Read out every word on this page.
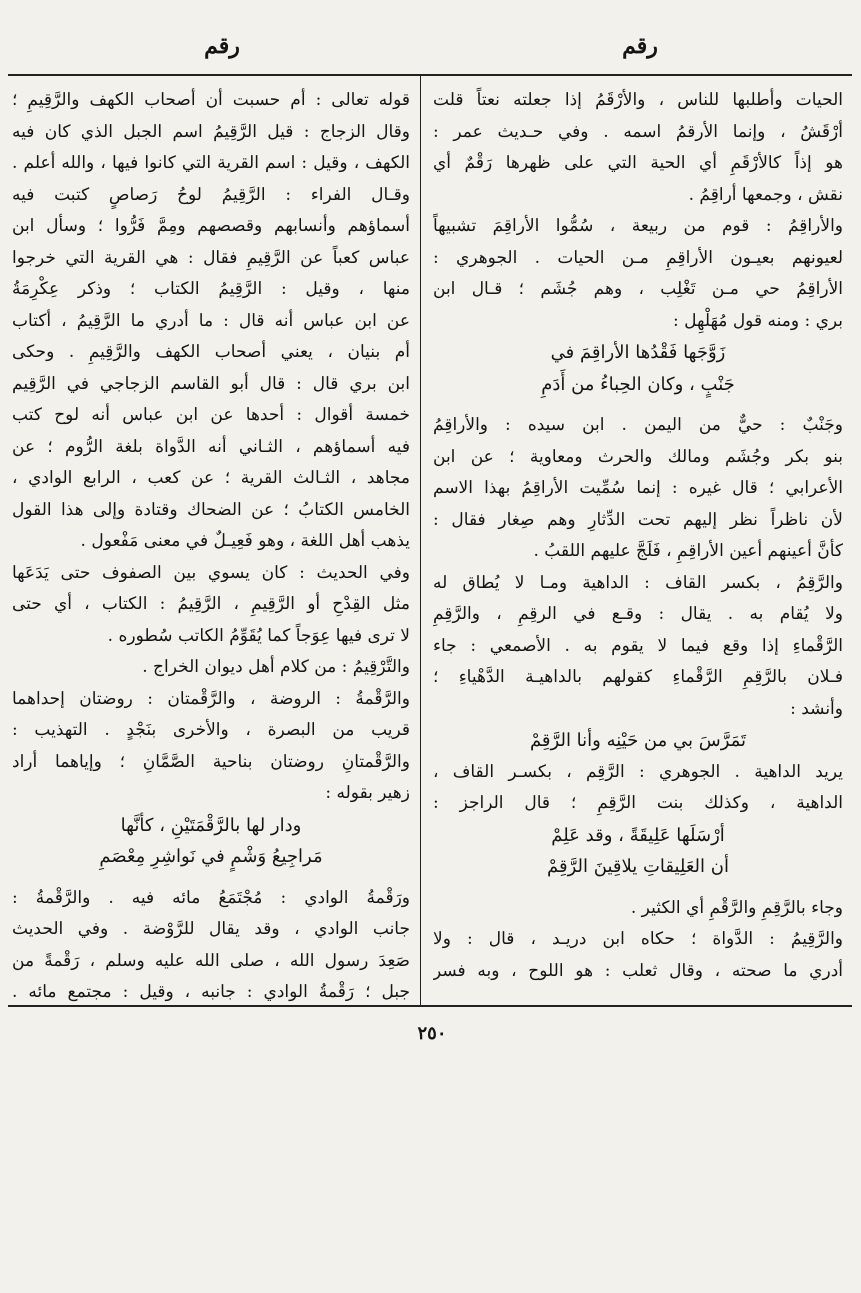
رقم
رقم
الحيات وأطلبها للناس ، والأرْقَمُ إذا جعلته نعتاً قلت
أرْقَشُ ، وإنما الأرقمُ اسمه . وفي حـديث عمر :
هو إذاً كالأرْقَمِ أي الحية التي على ظهرها رَقْمٌ أي
نقش ، وجمعها أراقِمُ .
والأراقِمُ : قوم من ربيعة ، سُمُّوا الأراقِمَ تشبيهاً
لعيونهم بعيـون الأراقِمِ مـن الحيات . الجوهري :
الأراقِمُ حي مـن تَغْلِب ، وهم جُشَم ؛ قـال ابن
بري : ومنه قول مُهَلْهِل :
زَوَّجَها فَقْدُها الأراقِمَ في
جَنْبٍ ، وكان الحِباءُ من أَدَمِ
وجَنْبٌ : حيٌّ من اليمن . ابن سيده : والأراقِمُ
بنو بكر وجُشَم ومالك والحرث ومعاوية ؛ عن ابن
الأعرابي ؛ قال غيره : إنما سُمِّيت الأراقِمُ بهذا الاسم
لأن ناظراً نظر إليهم تحت الدِّثارِ وهم صِغار فقال :
كأنَّ أعينهم أعين الأراقِمِ ، فَلَجَّ عليهم اللقبُ .
والرَّقِمُ ، بكسر القاف : الداهية ومـا لا يُطاق له
ولا يُقام به . يقال : وقـع في الرقِمِ ، والرَّقِمِ
الرَّقْماءِ إذا وقع فيما لا يقوم به . الأصمعي : جاء
فـلان بالرَّقِمِ الرَّقْماءِ كقولهم بالداهيـة الدَّهْياءِ ؛
وأنشد :
تَمَرَّسَ بي من حَيْنِه وأنا الرَّقِمْ
يريد الداهية . الجوهري : الرَّقِم ، بكسـر القاف ،
الداهية ، وكذلك بنت الرَّقِمِ ؛ قال الراجز :
أرْسَلَها عَلِيقَةً ، وقد عَلِمْ
أن العَلِيقاتِ يلاقِينَ الرَّقِمْ
وجاء بالرَّقِمِ والرَّقْمِ أي الكثير .
والرَّقِيمُ : الدَّواة ؛ حكاه ابن دريـد ، قال : ولا
أدري ما صحته ، وقال ثعلب : هو اللوح ، وبه فسر
قوله تعالى : أم حسبت أن أصحاب الكهف والرَّقِيمِ ؛
وقال الزجاج : قيل الرَّقِيمُ اسم الجبل الذي كان فيه
الكهف ، وقيل : اسم القرية التي كانوا فيها ، والله أعلم .
وقـال الفراء : الرَّقِيمُ لوحُ رَصاصٍ كتبت فيه
أسماؤهم وأنسابهم وقصصهم ومِمَّ فَرُّوا ؛ وسأل ابن
عباس كعباً عن الرَّقِيمِ فقال : هي القرية التي خرجوا
منها ، وقيل : الرَّقِيمُ الكتاب ؛ وذكر عِكْرِمَةُ
عن ابن عباس أنه قال : ما أدري ما الرَّقِيمُ ، أكتاب
أم بنيان ، يعني أصحاب الكهف والرَّقِيمِ . وحكى
ابن بري قال : قال أبو القاسم الزجاجي في الرَّقِيم
خمسة أقوال : أحدها عن ابن عباس أنه لوح كتب
فيه أسماؤهم ، الثـاني أنه الدَّواة بلغة الرُّوم ؛ عن
مجاهد ، الثـالث القرية ؛ عن كعب ، الرابع الوادي ،
الخامس الكتابُ ؛ عن الضحاك وقتادة وإلى هذا القول
يذهب أهل اللغة ، وهو فَعِيـلٌ في معنى مَفْعول .
وفي الحديث : كان يسوي بين الصفوف حتى يَدَعَها
مثل القِدْحِ أو الرَّقِيمِ ، الرَّقِيمُ : الكتاب ، أي حتى
لا ترى فيها عِوَجاً كما يُقَوِّمُ الكاتب سُطوره .
والتَّرْقِيمُ : من كلام أهل ديوان الخراج .
والرَّقْمةُ : الروضة ، والرَّقْمتان : روضتان إحداهما
قريب من البصرة ، والأخرى بنَجْدٍ . التهذيب :
والرَّقْمتانِ روضتان بناحية الصَّمَّانِ ؛ وإياهما أراد
زهير بقوله :
ودار لها بالرَّقْمَتَيْنِ ، كأنَّها
مَراجِيعُ وَشْمٍ في نَواشِرِ مِعْصَمِ
ورَقْمةُ الوادي : مُجْتَمَعُ مائه فيه . والرَّقْمةُ :
جانب الوادي ، وقد يقال للرَّوْضة . وفي الحديث
صَعِدَ رسول الله ، صلى الله عليه وسلم ، رَقْمةً من
جبل ؛ رَقْمةُ الوادي : جانبه ، وقيل : مجتمع مائه .
٢٥٠
